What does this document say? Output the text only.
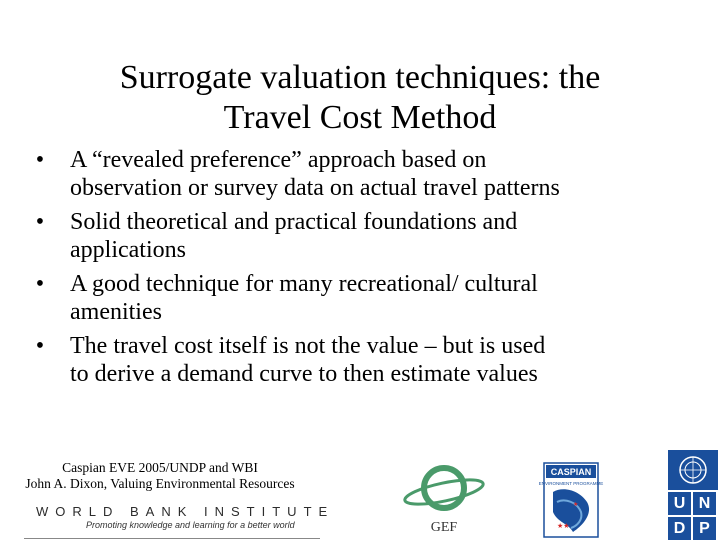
Surrogate valuation techniques: the
Travel Cost Method
• A “revealed preference” approach based on
observation or survey data on actual travel patterns
• Solid theoretical and practical foundations and
applications
• A good technique for many recreational/ cultural
amenities
• The travel cost itself is not the value – but is used
to derive a demand curve to then estimate values
Caspian EVE 2005/UNDP and WBI
John A. Dixon, Valuing Environmental Resources
WORLD BANK INSTITUTE
Promoting knowledge and learning for a better world	GEF
CASPIAN
ENVIRONMENT PROGRAMME
★★
★	U N
D P
